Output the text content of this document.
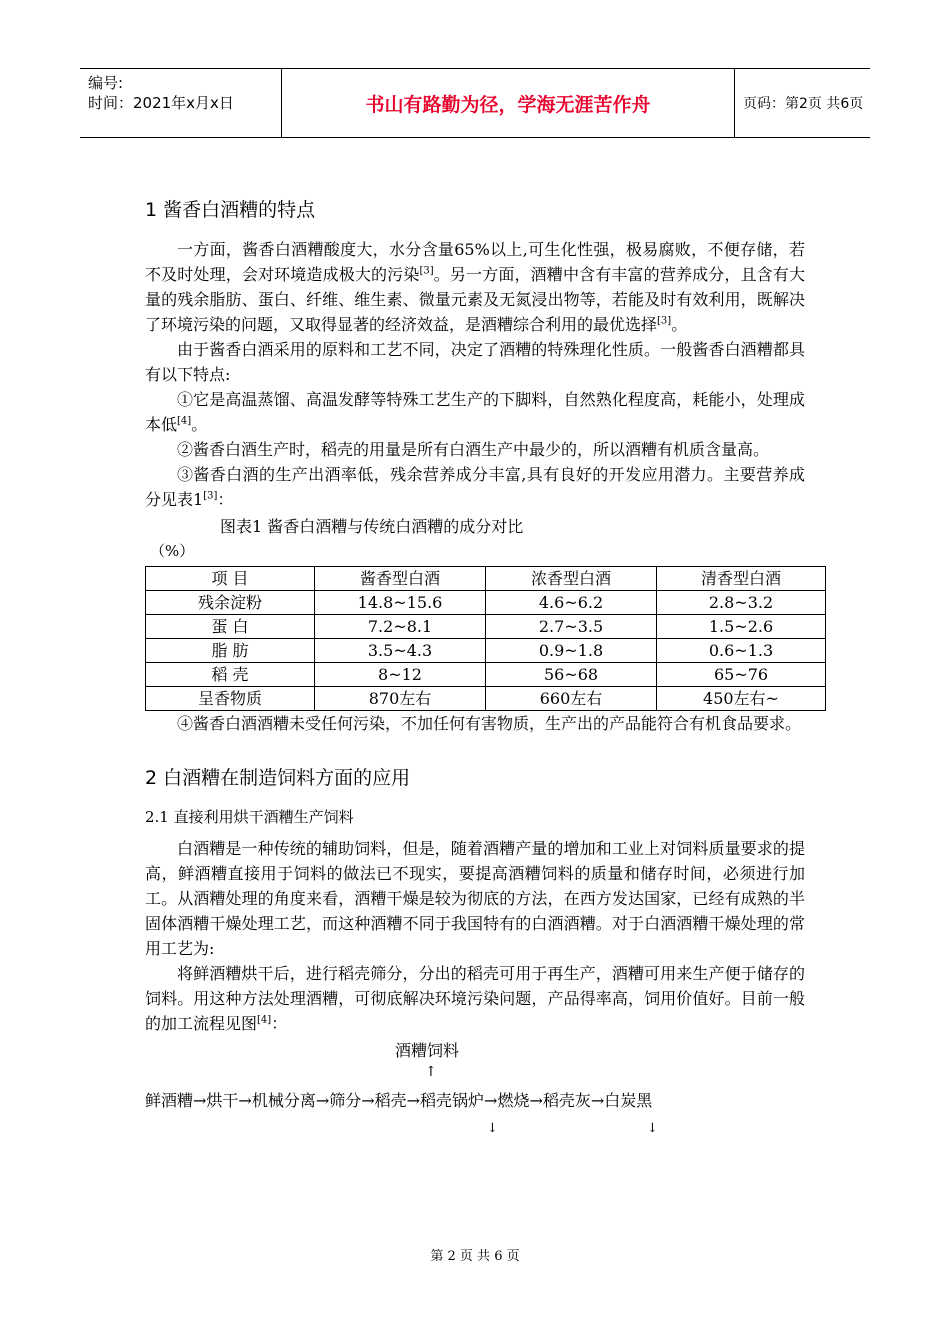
编号:
时间：2021年x月x日	书山有路勤为径，学海无涯苦作舟	页码：第2页 共6页
1 酱香白酒糟的特点

一方面，酱香白酒糟酸度大，水分含量65%以上,可生化性强，极易腐败，不便存储，若不及时处理，会对环境造成极大的污染[3]。另一方面，酒糟中含有丰富的营养成分，且含有大量的残余脂肪、蛋白、纤维、维生素、微量元素及无氮浸出物等，若能及时有效利用，既解决了环境污染的问题，又取得显著的经济效益，是酒糟综合利用的最优选择[3]。

由于酱香白酒采用的原料和工艺不同，决定了酒糟的特殊理化性质。一般酱香白酒糟都具有以下特点:

①它是高温蒸馏、高温发酵等特殊工艺生产的下脚料，自然熟化程度高，耗能小，处理成本低[4]。

②酱香白酒生产时，稻壳的用量是所有白酒生产中最少的，所以酒糟有机质含量高。

③酱香白酒的生产出酒率低，残余营养成分丰富,具有良好的开发应用潜力。主要营养成分见表1[3]：

图表1 酱香白酒糟与传统白酒糟的成分对比
（%）
项 目	酱香型白酒	浓香型白酒	清香型白酒
残余淀粉	14.8~15.6	4.6~6.2	2.8~3.2
蛋 白	7.2~8.1	2.7~3.5	1.5~2.6
脂 肪	3.5~4.3	0.9~1.8	0.6~1.3
稻 壳	8~12	56~68	65~76
呈香物质	870左右	660左右	450左右~

④酱香白酒酒糟未受任何污染，不加任何有害物质，生产出的产品能符合有机食品要求。

2 白酒糟在制造饲料方面的应用
2.1 直接利用烘干酒糟生产饲料

白酒糟是一种传统的辅助饲料，但是，随着酒糟产量的增加和工业上对饲料质量要求的提高，鲜酒糟直接用于饲料的做法已不现实，要提高酒糟饲料的质量和储存时间，必须进行加工。从酒糟处理的角度来看，酒糟干燥是较为彻底的方法，在西方发达国家，已经有成熟的半固体酒糟干燥处理工艺，而这种酒糟不同于我国特有的白酒酒糟。对于白酒酒糟干燥处理的常用工艺为:

将鲜酒糟烘干后，进行稻壳筛分，分出的稻壳可用于再生产，酒糟可用来生产便于储存的饲料。用这种方法处理酒糟，可彻底解决环境污染问题，产品得率高，饲用价值好。目前一般的加工流程见图[4]：

酒糟饲料
↑
鲜酒糟→烘干→机械分离→筛分→稻壳→稻壳锅炉→燃烧→稻壳灰→白炭黑
↓	↓
第 2 页 共 6 页
